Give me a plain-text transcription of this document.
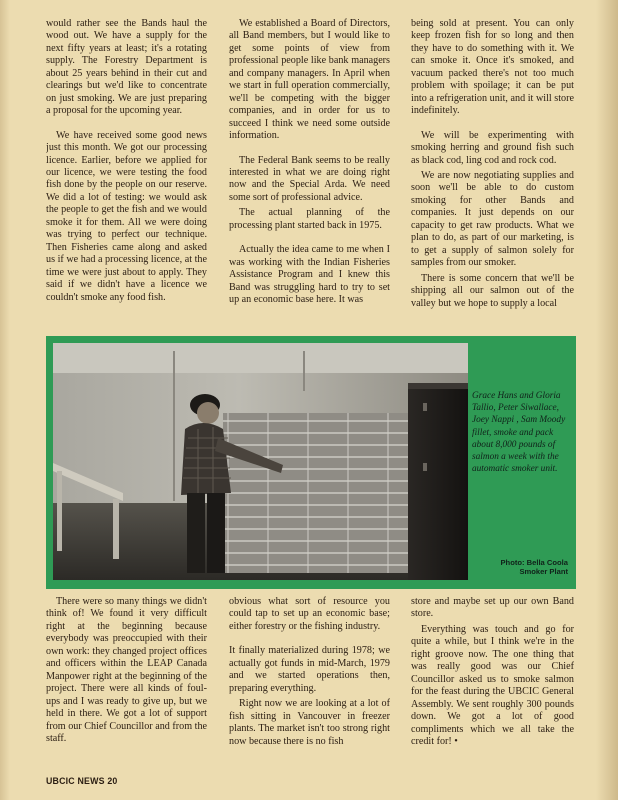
would rather see the Bands haul the wood out. We have a supply for the next fifty years at least; it's a rotating supply. The Forestry Department is about 25 years behind in their cut and clearings but we'd like to concentrate on just smoking. We are just preparing a proposal for the upcoming year.

We have received some good news just this month. We got our processing licence. Earlier, before we applied for our licence, we were testing the food fish done by the people on our reserve. We did a lot of testing: we would ask the people to get the fish and we would smoke it for them. All we were doing was trying to perfect our technique. Then Fisheries came along and asked us if we had a processing licence, at the time we were just about to apply. They said if we didn't have a licence we couldn't smoke any food fish.

We established a Board of Directors, all Band members, but I would like to get some points of view from professional people like bank managers and company managers. In April when we start in full operation commercially, we'll be competing with the bigger companies, and in order for us to succeed I think we need some outside information.

The Federal Bank seems to be really interested in what we are doing right now and the Special Arda. We need some sort of professional advice.

The actual planning of the processing plant started back in 1975.

Actually the idea came to me when I was working with the Indian Fisheries Assistance Program and I knew this Band was struggling hard to try to set up an economic base here. It was

being sold at present. You can only keep frozen fish for so long and then they have to do something with it. We can smoke it. Once it's smoked, and vacuum packed there's not too much problem with spoilage; it can be put into a refrigeration unit, and it will store indefinitely.

We will be experimenting with smoking herring and ground fish such as black cod, ling cod and rock cod.

We are now negotiating supplies and soon we'll be able to do custom smoking for other Bands and companies. It just depends on our capacity to get raw products. What we plan to do, as part of our marketing, is to get a supply of salmon solely for samples from our smoker.

There is some concern that we'll be shipping all our salmon out of the valley but we hope to supply a local

Grace Hans and Gloria Tallio, Peter Siwallace, Joey Nappi , Sam Moody fillet, smoke and pack about 8,000 pounds of salmon a week with the automatic smoker unit.
Photo: Bella Coola
Smoker Plant

There were so many things we didn't think of! We found it very difficult right at the beginning because everybody was preoccupied with their own work: they changed project offices and officers within the LEAP Canada Manpower right at the beginning of the project. There were all kinds of foul-ups and I was ready to give up, but we held in there. We got a lot of support from our Chief Councillor and from the staff.

obvious what sort of resource you could tap to set up an economic base; either forestry or the fishing industry.

It finally materialized during 1978; we actually got funds in mid-March, 1979 and we started operations then, preparing everything.

Right now we are looking at a lot of fish sitting in Vancouver in freezer plants. The market isn't too strong right now because there is no fish

store and maybe set up our own Band store.

Everything was touch and go for quite a while, but I think we're in the right groove now. The one thing that was really good was our Chief Councillor asked us to smoke salmon for the feast during the UBCIC General Assembly. We sent roughly 300 pounds down. We got a lot of good compliments which we all take the credit for! •

UBCIC NEWS 20
